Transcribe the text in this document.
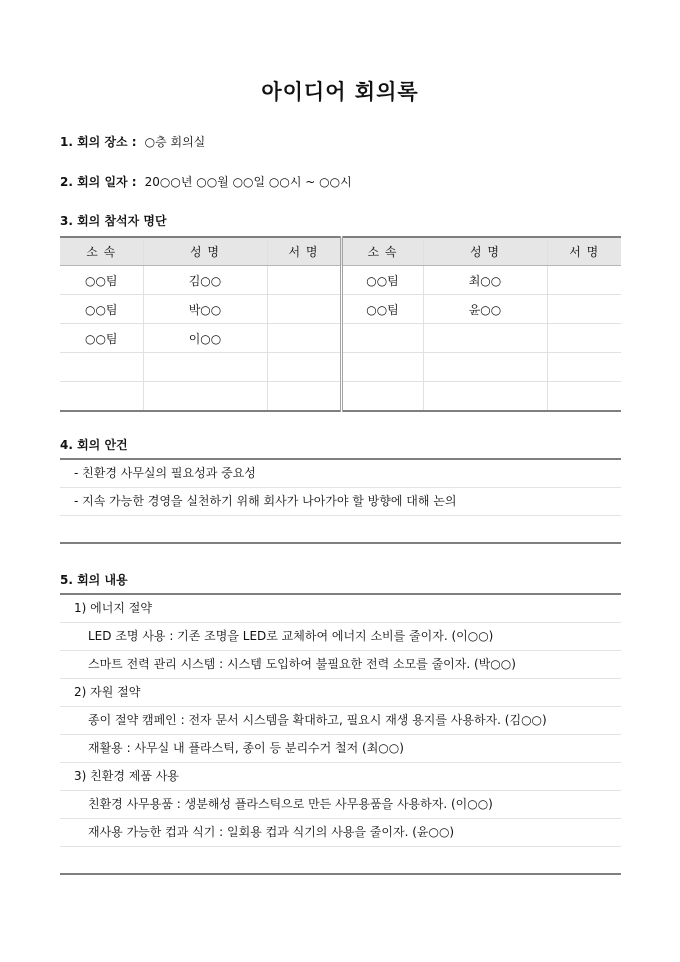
아이디어 회의록
1. 회의 장소 : ○층 회의실
2. 회의 일자 : 20○○년 ○○월 ○○일 ○○시 ~ ○○시
3. 회의 참석자 명단
소 속	성 명	서 명	소 속	성 명	서 명
○○팀	김○○		○○팀	최○○	
○○팀	박○○		○○팀	윤○○	
○○팀	이○○				

4. 회의 안건
- 친환경 사무실의 필요성과 중요성
- 지속 가능한 경영을 실천하기 위해 회사가 나아가야 할 방향에 대해 논의
5. 회의 내용
1) 에너지 절약
LED 조명 사용 : 기존 조명을 LED로 교체하여 에너지 소비를 줄이자. (이○○)
스마트 전력 관리 시스템 : 시스템 도입하여 불필요한 전력 소모를 줄이자. (박○○)
2) 자원 절약
종이 절약 캠페인 : 전자 문서 시스템을 확대하고, 필요시 재생 용지를 사용하자. (김○○)
재활용 : 사무실 내 플라스틱, 종이 등 분리수거 철저 (최○○)
3) 친환경 제품 사용
친환경 사무용품 : 생분해성 플라스틱으로 만든 사무용품을 사용하자. (이○○)
재사용 가능한 컵과 식기 : 일회용 컵과 식기의 사용을 줄이자. (윤○○)
